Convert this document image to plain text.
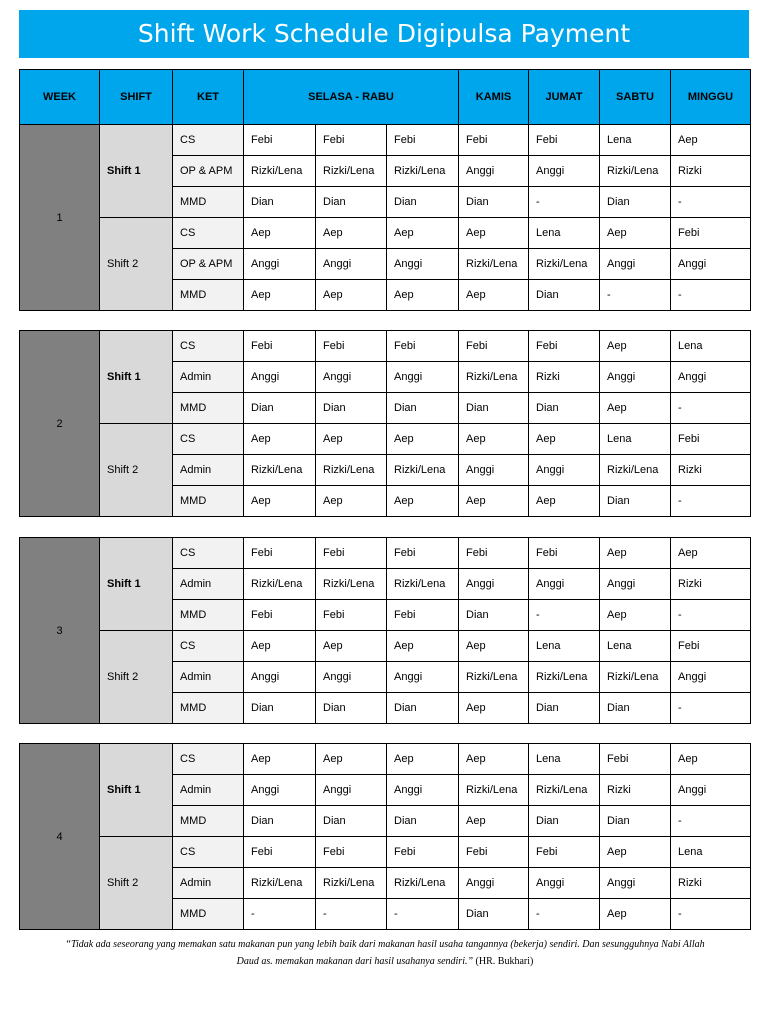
Shift Work Schedule Digipulsa Payment
WEEK	SHIFT	KET	SELASA - RABU	KAMIS	JUMAT	SABTU	MINGGU
1	Shift 1	CS	Febi	Febi	Febi	Febi	Febi	Lena	Aep
		OP & APM	Rizki/Lena	Rizki/Lena	Rizki/Lena	Anggi	Anggi	Rizki/Lena	Rizki
		MMD	Dian	Dian	Dian	Dian	-	Dian	-
	Shift 2	CS	Aep	Aep	Aep	Aep	Lena	Aep	Febi
		OP & APM	Anggi	Anggi	Anggi	Rizki/Lena	Rizki/Lena	Anggi	Anggi
		MMD	Aep	Aep	Aep	Aep	Dian	-	-
2	Shift 1	CS	Febi	Febi	Febi	Febi	Febi	Aep	Lena
		Admin	Anggi	Anggi	Anggi	Rizki/Lena	Rizki	Anggi	Anggi
		MMD	Dian	Dian	Dian	Dian	Dian	Aep	-
	Shift 2	CS	Aep	Aep	Aep	Aep	Aep	Lena	Febi
		Admin	Rizki/Lena	Rizki/Lena	Rizki/Lena	Anggi	Anggi	Rizki/Lena	Rizki
		MMD	Aep	Aep	Aep	Aep	Aep	Dian	-
3	Shift 1	CS	Febi	Febi	Febi	Febi	Febi	Aep	Aep
		Admin	Rizki/Lena	Rizki/Lena	Rizki/Lena	Anggi	Anggi	Anggi	Rizki
		MMD	Febi	Febi	Febi	Dian	-	Aep	-
	Shift 2	CS	Aep	Aep	Aep	Aep	Lena	Lena	Febi
		Admin	Anggi	Anggi	Anggi	Rizki/Lena	Rizki/Lena	Rizki/Lena	Anggi
		MMD	Dian	Dian	Dian	Aep	Dian	Dian	-
4	Shift 1	CS	Aep	Aep	Aep	Aep	Lena	Febi	Aep
		Admin	Anggi	Anggi	Anggi	Rizki/Lena	Rizki/Lena	Rizki	Anggi
		MMD	Dian	Dian	Dian	Aep	Dian	Dian	-
	Shift 2	CS	Febi	Febi	Febi	Febi	Febi	Aep	Lena
		Admin	Rizki/Lena	Rizki/Lena	Rizki/Lena	Anggi	Anggi	Anggi	Rizki
		MMD	-	-	-	Dian	-	Aep	-
“Tidak ada seseorang yang memakan satu makanan pun yang lebih baik dari makanan hasil usaha tangannya (bekerja) sendiri. Dan sesungguhnya Nabi Allah Daud as. memakan makanan dari hasil usahanya sendiri.” (HR. Bukhari)
